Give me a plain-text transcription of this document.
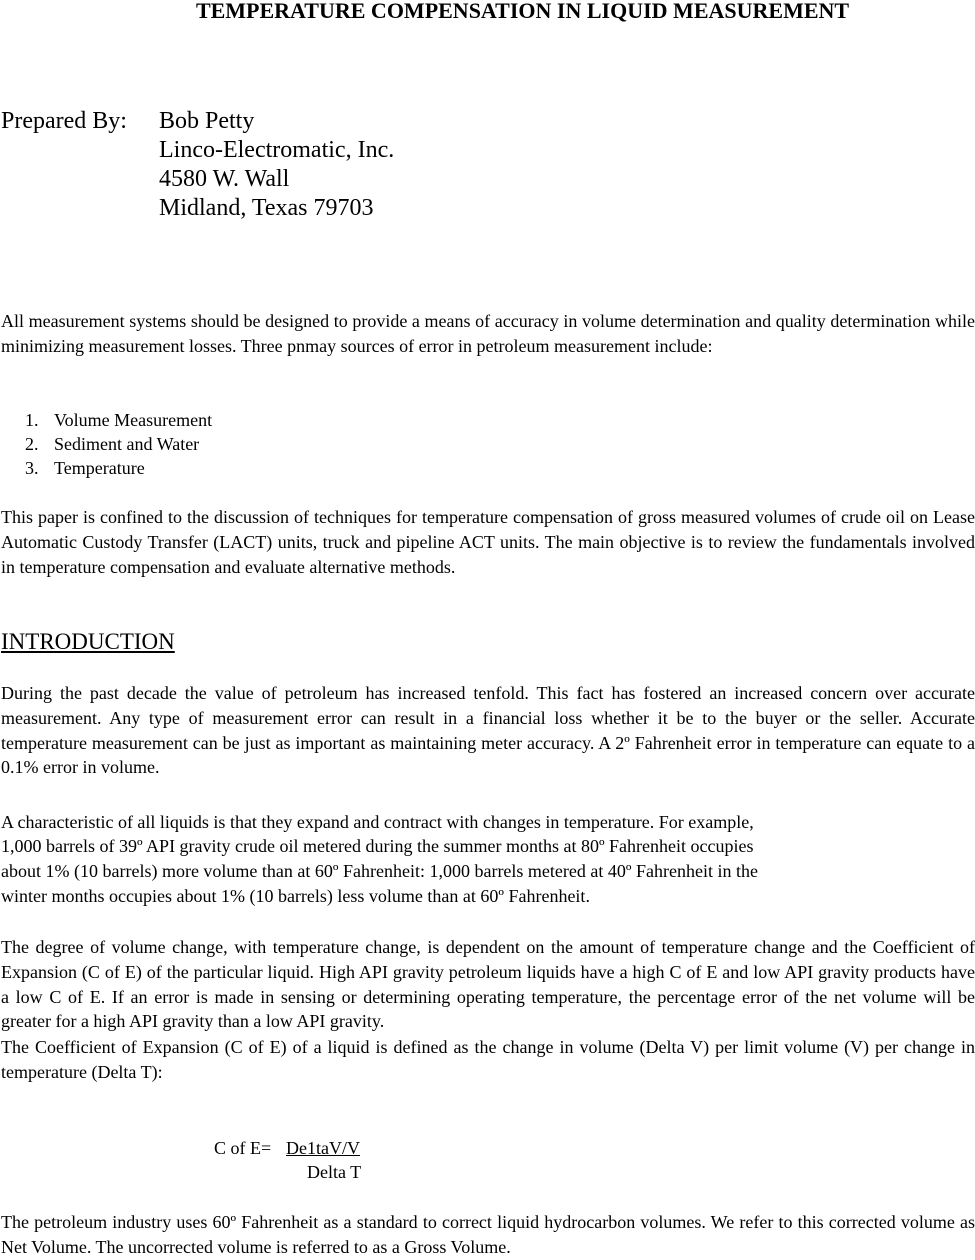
TEMPERATURE COMPENSATION IN LIQUID MEASUREMENT
Prepared By: Bob Petty
Linco-Electromatic, Inc.
4580 W. Wall
Midland, Texas 79703
All measurement systems should be designed to provide a means of accuracy in volume determination and quality determination while minimizing measurement losses. Three pnmay sources of error in petroleum measurement include:
1. Volume Measurement
2. Sediment and Water
3. Temperature
This paper is confined to the discussion of techniques for temperature compensation of gross measured volumes of crude oil on Lease Automatic Custody Transfer (LACT) units, truck and pipeline ACT units. The main objective is to review the fundamentals involved in temperature compensation and evaluate alternative methods.
INTRODUCTION
During the past decade the value of petroleum has increased tenfold. This fact has fostered an increased concern over accurate measurement. Any type of measurement error can result in a financial loss whether it be to the buyer or the seller. Accurate temperature measurement can be just as important as maintaining meter accuracy. A 2º Fahrenheit error in temperature can equate to a 0.1% error in volume.
A characteristic of all liquids is that they expand and contract with changes in temperature. For example,
1,000 barrels of 39º API gravity crude oil metered during the summer months at 80º Fahrenheit occupies
about 1% (10 barrels) more volume than at 60º Fahrenheit: 1,000 barrels metered at 40º Fahrenheit in the
winter months occupies about 1% (10 barrels) less volume than at 60º Fahrenheit.
The degree of volume change, with temperature change, is dependent on the amount of temperature change and the Coefficient of Expansion (C of E) of the particular liquid. High API gravity petroleum liquids have a high C of E and low API gravity products have a low C of E. If an error is made in sensing or determining operating temperature, the percentage error of the net volume will be greater for a high API gravity than a low API gravity.
The Coefficient of Expansion (C of E) of a liquid is defined as the change in volume (Delta V) per limit volume (V) per change in temperature (Delta T):
C of E= De1taV/V
Delta T
The petroleum industry uses 60º Fahrenheit as a standard to correct liquid hydrocarbon volumes. We refer to this corrected volume as Net Volume. The uncorrected volume is referred to as a Gross Volume.
